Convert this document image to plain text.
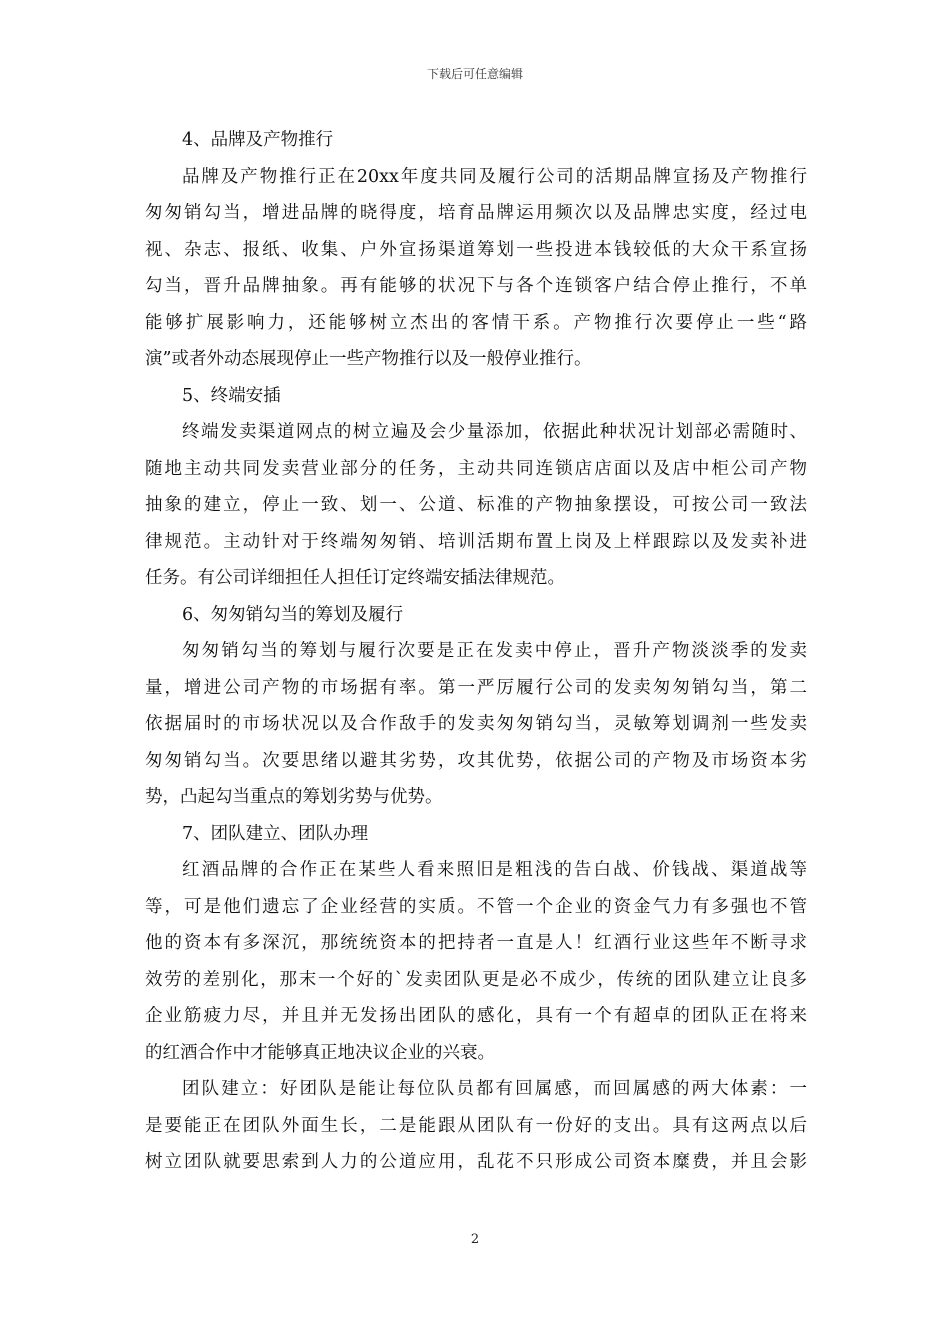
下载后可任意编辑
4、品牌及产物推行
品牌及产物推行正在20xx年度共同及履行公司的活期品牌宣扬及产物推行
匆匆销勾当，增进品牌的晓得度，培育品牌运用频次以及品牌忠实度，经过电
视、杂志、报纸、收集、户外宣扬渠道筹划一些投进本钱较低的大众干系宣扬
勾当，晋升品牌抽象。再有能够的状况下与各个连锁客户结合停止推行，不单
能够扩展影响力，还能够树立杰出的客情干系。产物推行次要停止一些“路
演”或者外动态展现停止一些产物推行以及一般停业推行。
5、终端安插
终端发卖渠道网点的树立遍及会少量添加，依据此种状况计划部必需随时、
随地主动共同发卖营业部分的任务，主动共同连锁店店面以及店中柜公司产物
抽象的建立，停止一致、划一、公道、标准的产物抽象摆设，可按公司一致法
律规范。主动针对于终端匆匆销、培训活期布置上岗及上样跟踪以及发卖补进
任务。有公司详细担任人担任订定终端安插法律规范。
6、匆匆销勾当的筹划及履行
匆匆销勾当的筹划与履行次要是正在发卖中停止，晋升产物淡淡季的发卖
量，增进公司产物的市场据有率。第一严厉履行公司的发卖匆匆销勾当，第二
依据届时的市场状况以及合作敌手的发卖匆匆销勾当，灵敏筹划调剂一些发卖
匆匆销勾当。次要思绪以避其劣势，攻其优势，依据公司的产物及市场资本劣
势，凸起勾当重点的筹划劣势与优势。
7、团队建立、团队办理
红酒品牌的合作正在某些人看来照旧是粗浅的告白战、价钱战、渠道战等
等，可是他们遗忘了企业经营的实质。不管一个企业的资金气力有多强也不管
他的资本有多深沉，那统统资本的把持者一直是人！红酒行业这些年不断寻求
效劳的差别化，那末一个好的`发卖团队更是必不成少，传统的团队建立让良多
企业筋疲力尽，并且并无发扬出团队的感化，具有一个有超卓的团队正在将来
的红酒合作中才能够真正地决议企业的兴衰。
团队建立：好团队是能让每位队员都有回属感，而回属感的两大体素：一
是要能正在团队外面生长，二是能跟从团队有一份好的支出。具有这两点以后
树立团队就要思索到人力的公道应用，乱花不只形成公司资本糜费，并且会影
2
